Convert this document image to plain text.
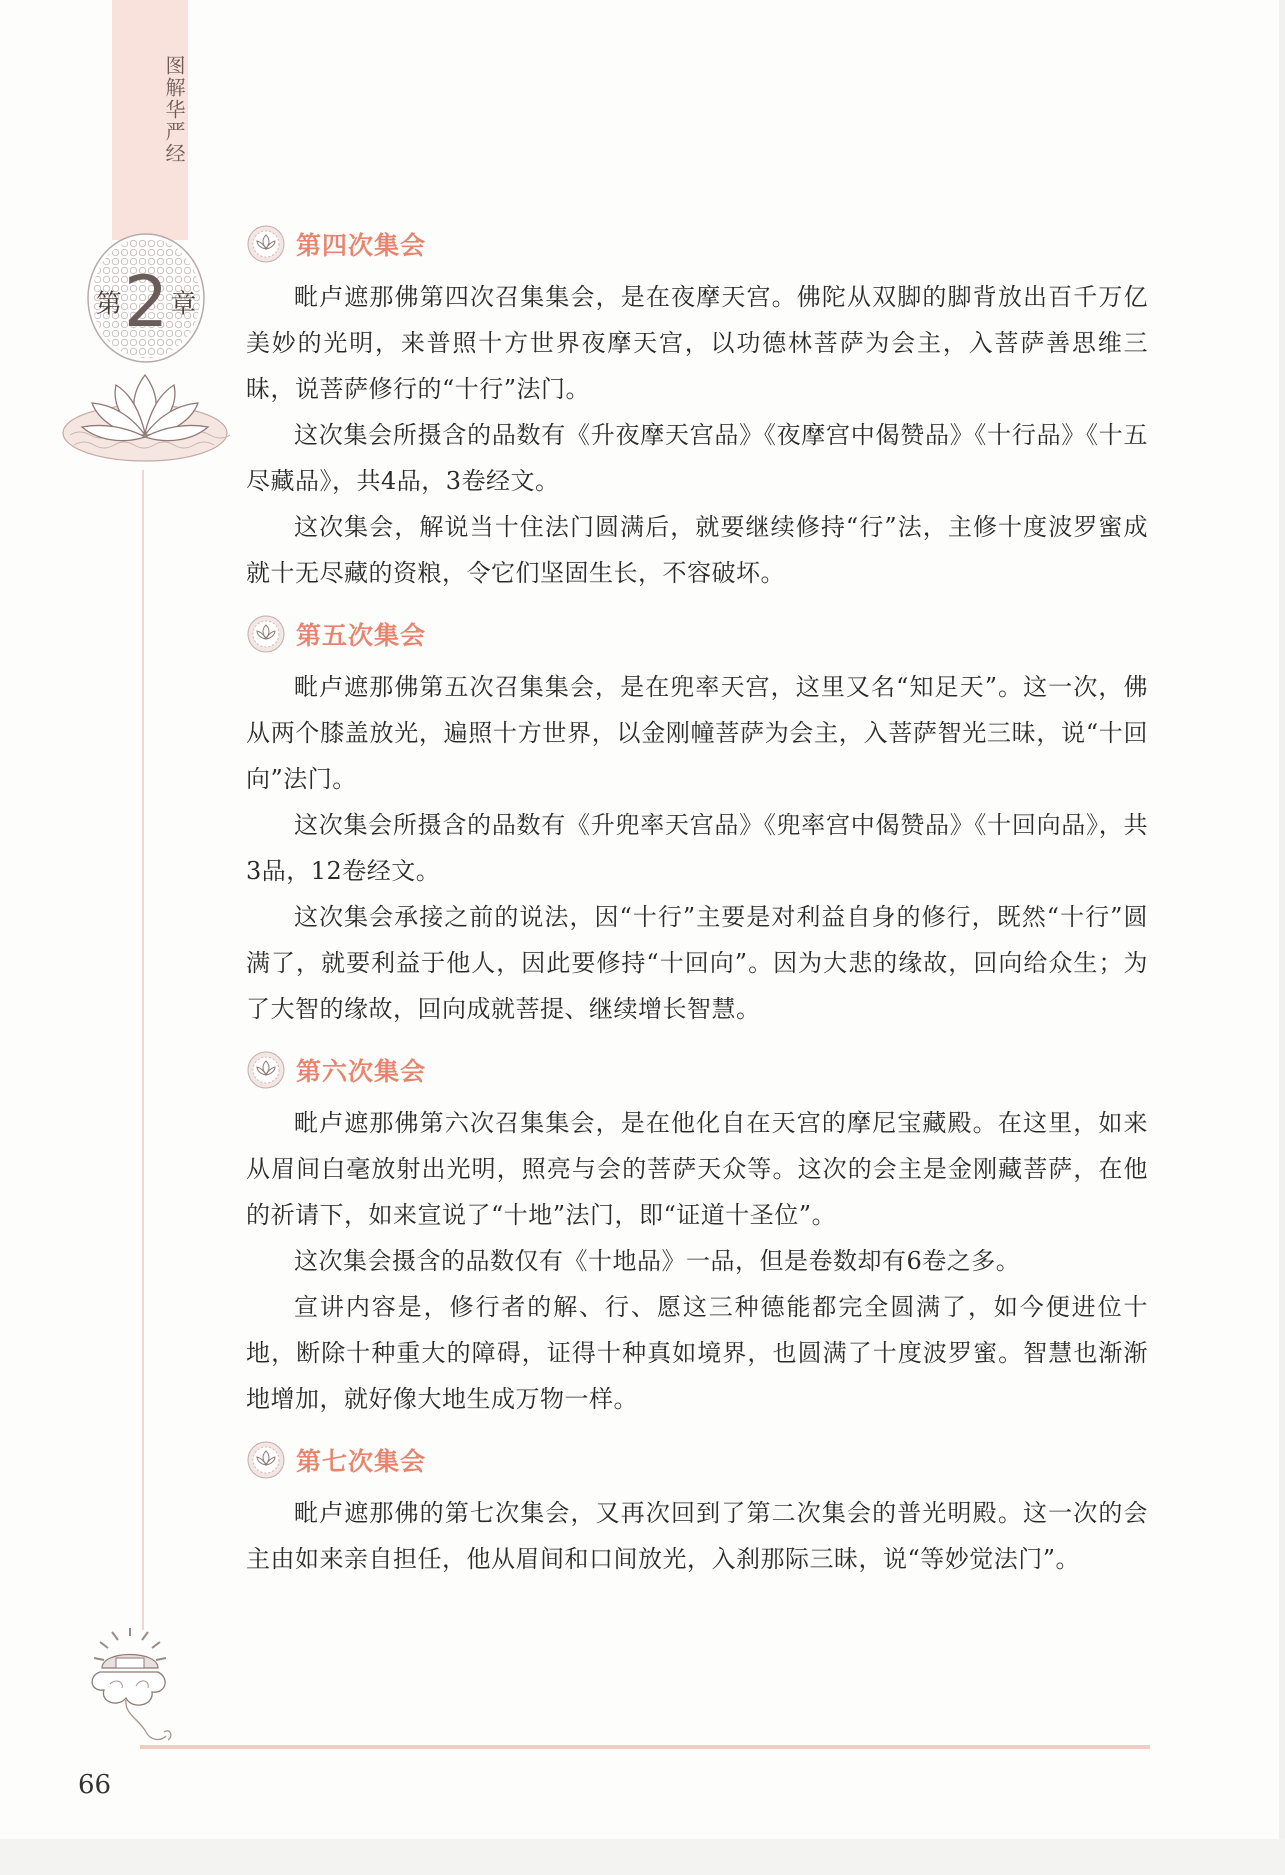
图解华严经
第2章
第四次集会

毗卢遮那佛第四次召集集会，是在夜摩天宫。佛陀从双脚的脚背放出百千万亿美妙的光明，来普照十方世界夜摩天宫，以功德林菩萨为会主，入菩萨善思维三昧，说菩萨修行的“十行”法门。

这次集会所摄含的品数有《升夜摩天宫品》《夜摩宫中偈赞品》《十行品》《十五尽藏品》，共4品，3卷经文。

这次集会，解说当十住法门圆满后，就要继续修持“行”法，主修十度波罗蜜成就十无尽藏的资粮，令它们坚固生长，不容破坏。

第五次集会

毗卢遮那佛第五次召集集会，是在兜率天宫，这里又名“知足天”。这一次，佛从两个膝盖放光，遍照十方世界，以金刚幢菩萨为会主，入菩萨智光三昧，说“十回向”法门。

这次集会所摄含的品数有《升兜率天宫品》《兜率宫中偈赞品》《十回向品》，共3品，12卷经文。

这次集会承接之前的说法，因“十行”主要是对利益自身的修行，既然“十行”圆满了，就要利益于他人，因此要修持“十回向”。因为大悲的缘故，回向给众生；为了大智的缘故，回向成就菩提、继续增长智慧。

第六次集会

毗卢遮那佛第六次召集集会，是在他化自在天宫的摩尼宝藏殿。在这里，如来从眉间白毫放射出光明，照亮与会的菩萨天众等。这次的会主是金刚藏菩萨，在他的祈请下，如来宣说了“十地”法门，即“证道十圣位”。

这次集会摄含的品数仅有《十地品》一品，但是卷数却有6卷之多。

宣讲内容是，修行者的解、行、愿这三种德能都完全圆满了，如今便进位十地，断除十种重大的障碍，证得十种真如境界，也圆满了十度波罗蜜。智慧也渐渐地增加，就好像大地生成万物一样。

第七次集会

毗卢遮那佛的第七次集会，又再次回到了第二次集会的普光明殿。这一次的会主由如来亲自担任，他从眉间和口间放光，入刹那际三昧，说“等妙觉法门”。

66
